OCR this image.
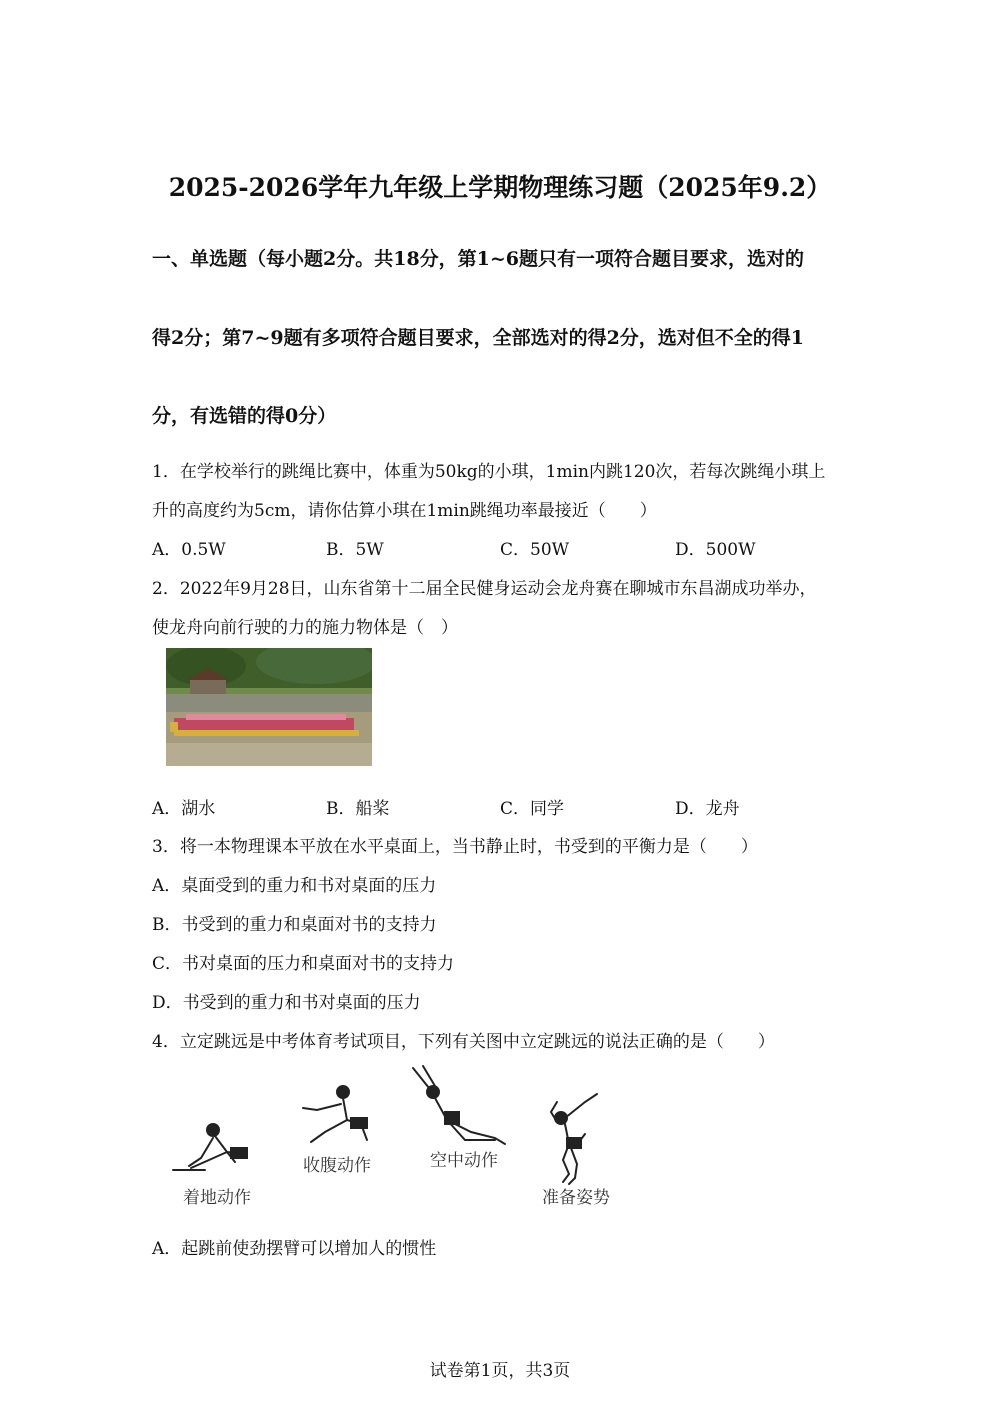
2025-2026学年九年级上学期物理练习题（2025年9.2）
一、单选题（每小题2分。共18分，第1~6题只有一项符合题目要求，选对的
得2分；第7~9题有多项符合题目要求，全部选对的得2分，选对但不全的得1
分，有选错的得0分）
1．在学校举行的跳绳比赛中，体重为50kg的小琪，1min内跳120次，若每次跳绳小琪上
升的高度约为5cm，请你估算小琪在1min跳绳功率最接近（　　）
A．0.5W	B．5W	C．50W	D．500W
2．2022年9月28日，山东省第十二届全民健身运动会龙舟赛在聊城市东昌湖成功举办，
使龙舟向前行驶的力的施力物体是（　）
A．湖水	B．船桨	C．同学	D．龙舟
3．将一本物理课本平放在水平桌面上，当书静止时，书受到的平衡力是（　　）
A．桌面受到的重力和书对桌面的压力
B．书受到的重力和桌面对书的支持力
C．书对桌面的压力和桌面对书的支持力
D．书受到的重力和书对桌面的压力
4．立定跳远是中考体育考试项目，下列有关图中立定跳远的说法正确的是（　　）
着地动作
收腹动作	空中动作
准备姿势
A．起跳前使劲摆臂可以增加人的惯性
试卷第1页，共3页
